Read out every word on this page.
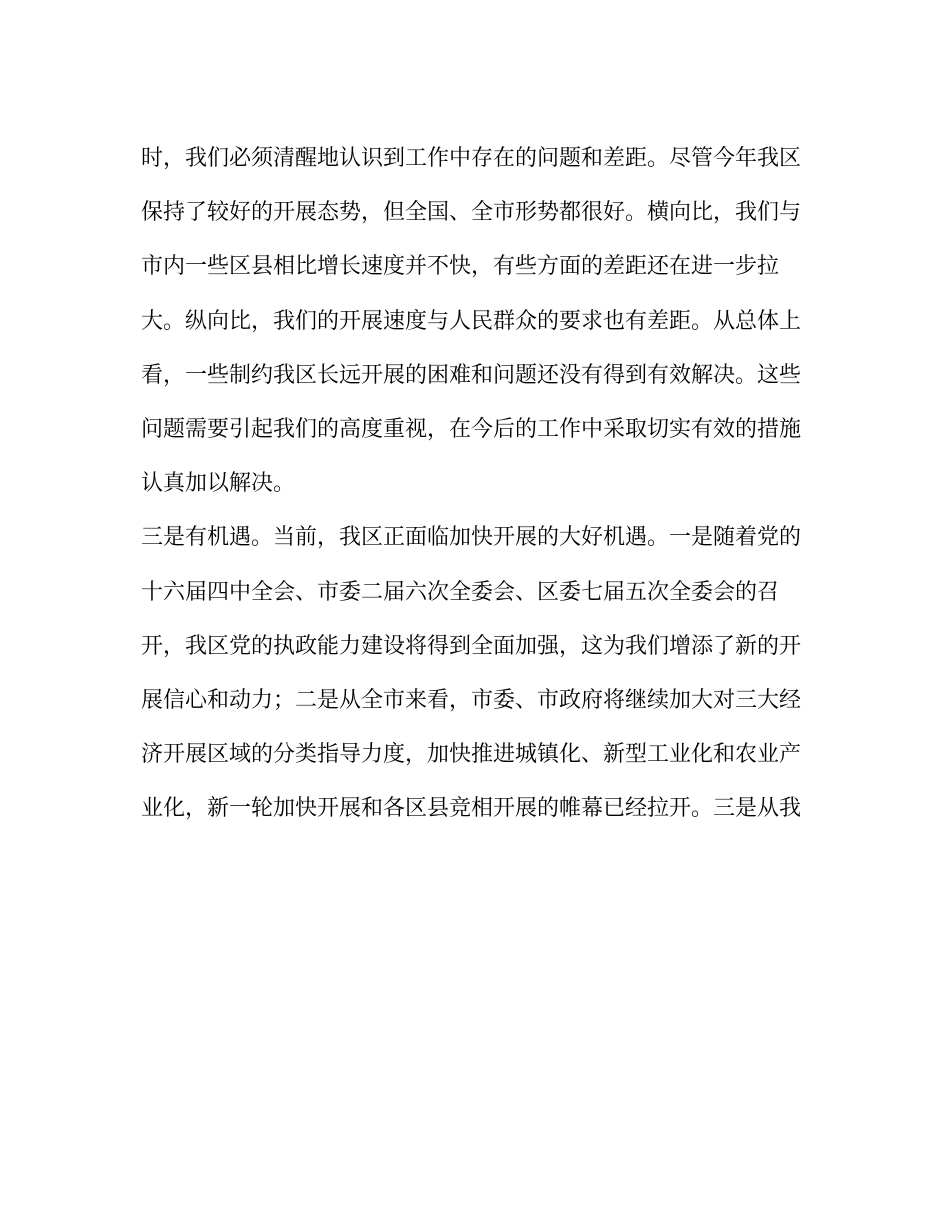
时，我们必须清醒地认识到工作中存在的问题和差距。尽管今年我区
保持了较好的开展态势，但全国、全市形势都很好。横向比，我们与
市内一些区县相比增长速度并不快，有些方面的差距还在进一步拉
大。纵向比，我们的开展速度与人民群众的要求也有差距。从总体上
看，一些制约我区长远开展的困难和问题还没有得到有效解决。这些
问题需要引起我们的高度重视，在今后的工作中采取切实有效的措施
认真加以解决。
三是有机遇。当前，我区正面临加快开展的大好机遇。一是随着党的
十六届四中全会、市委二届六次全委会、区委七届五次全委会的召
开，我区党的执政能力建设将得到全面加强，这为我们增添了新的开
展信心和动力；二是从全市来看，市委、市政府将继续加大对三大经
济开展区域的分类指导力度，加快推进城镇化、新型工业化和农业产
业化，新一轮加快开展和各区县竞相开展的帷幕已经拉开。三是从我
